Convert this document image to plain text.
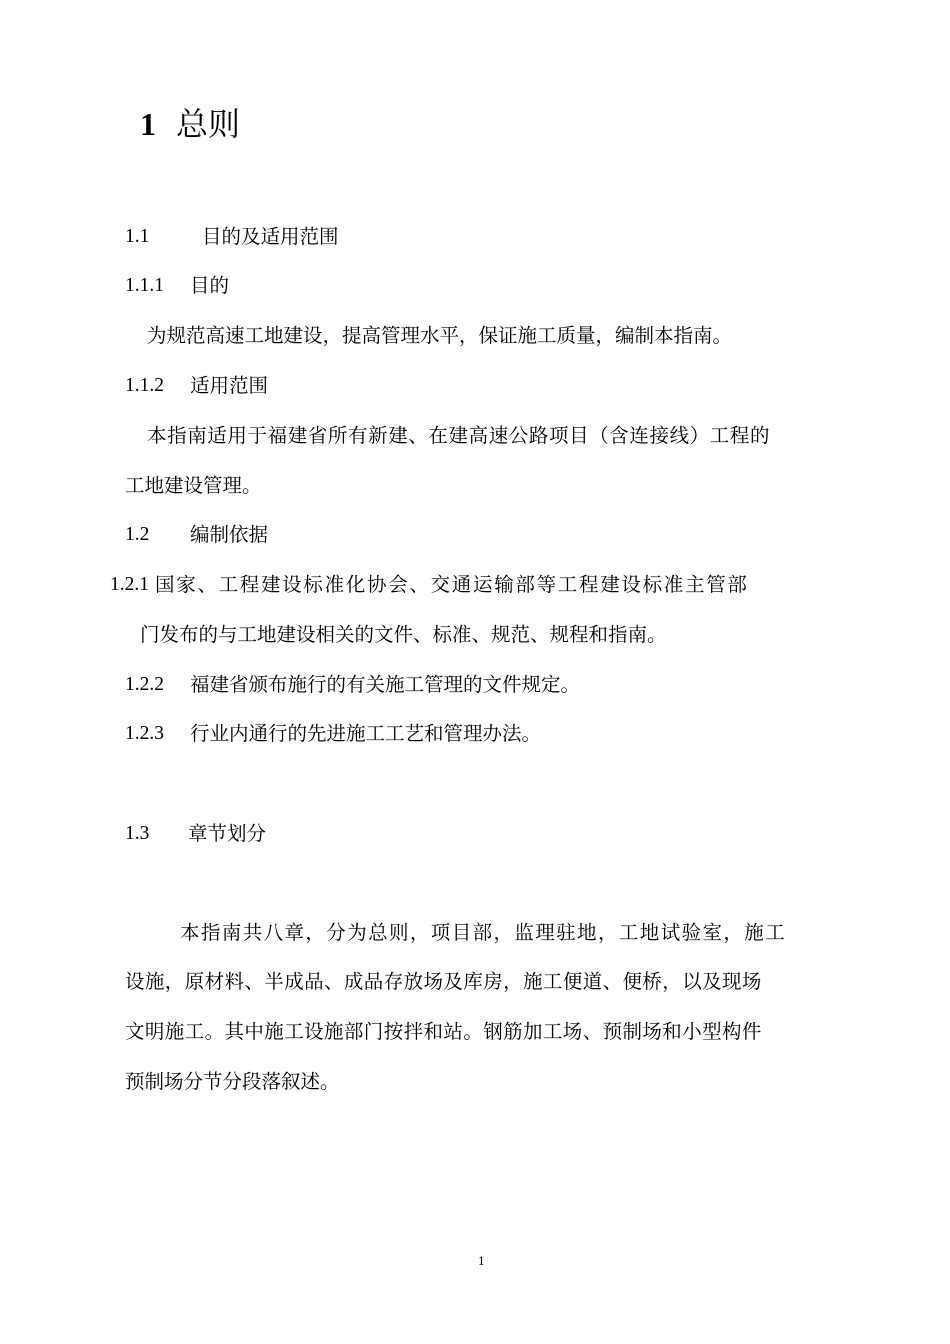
1 总则
1.1	目的及适用范围
1.1.1 目的
为规范高速工地建设，提高管理水平，保证施工质量，编制本指南。
1.1.2 适用范围
本指南适用于福建省所有新建、在建高速公路项目（含连接线）工程的
工地建设管理。
1.2 编制依据
1.2.1 国家、工程建设标准化协会、交通运输部等工程建设标准主管部
门发布的与工地建设相关的文件、标准、规范、规程和指南。
1.2.2 福建省颁布施行的有关施工管理的文件规定。
1.2.3 行业内通行的先进施工工艺和管理办法。
1.3 章节划分
本指南共八章，分为总则，项目部，监理驻地，工地试验室，施工
设施，原材料、半成品、成品存放场及库房，施工便道、便桥，以及现场
文明施工。其中施工设施部门按拌和站。钢筋加工场、预制场和小型构件
预制场分节分段落叙述。
1
